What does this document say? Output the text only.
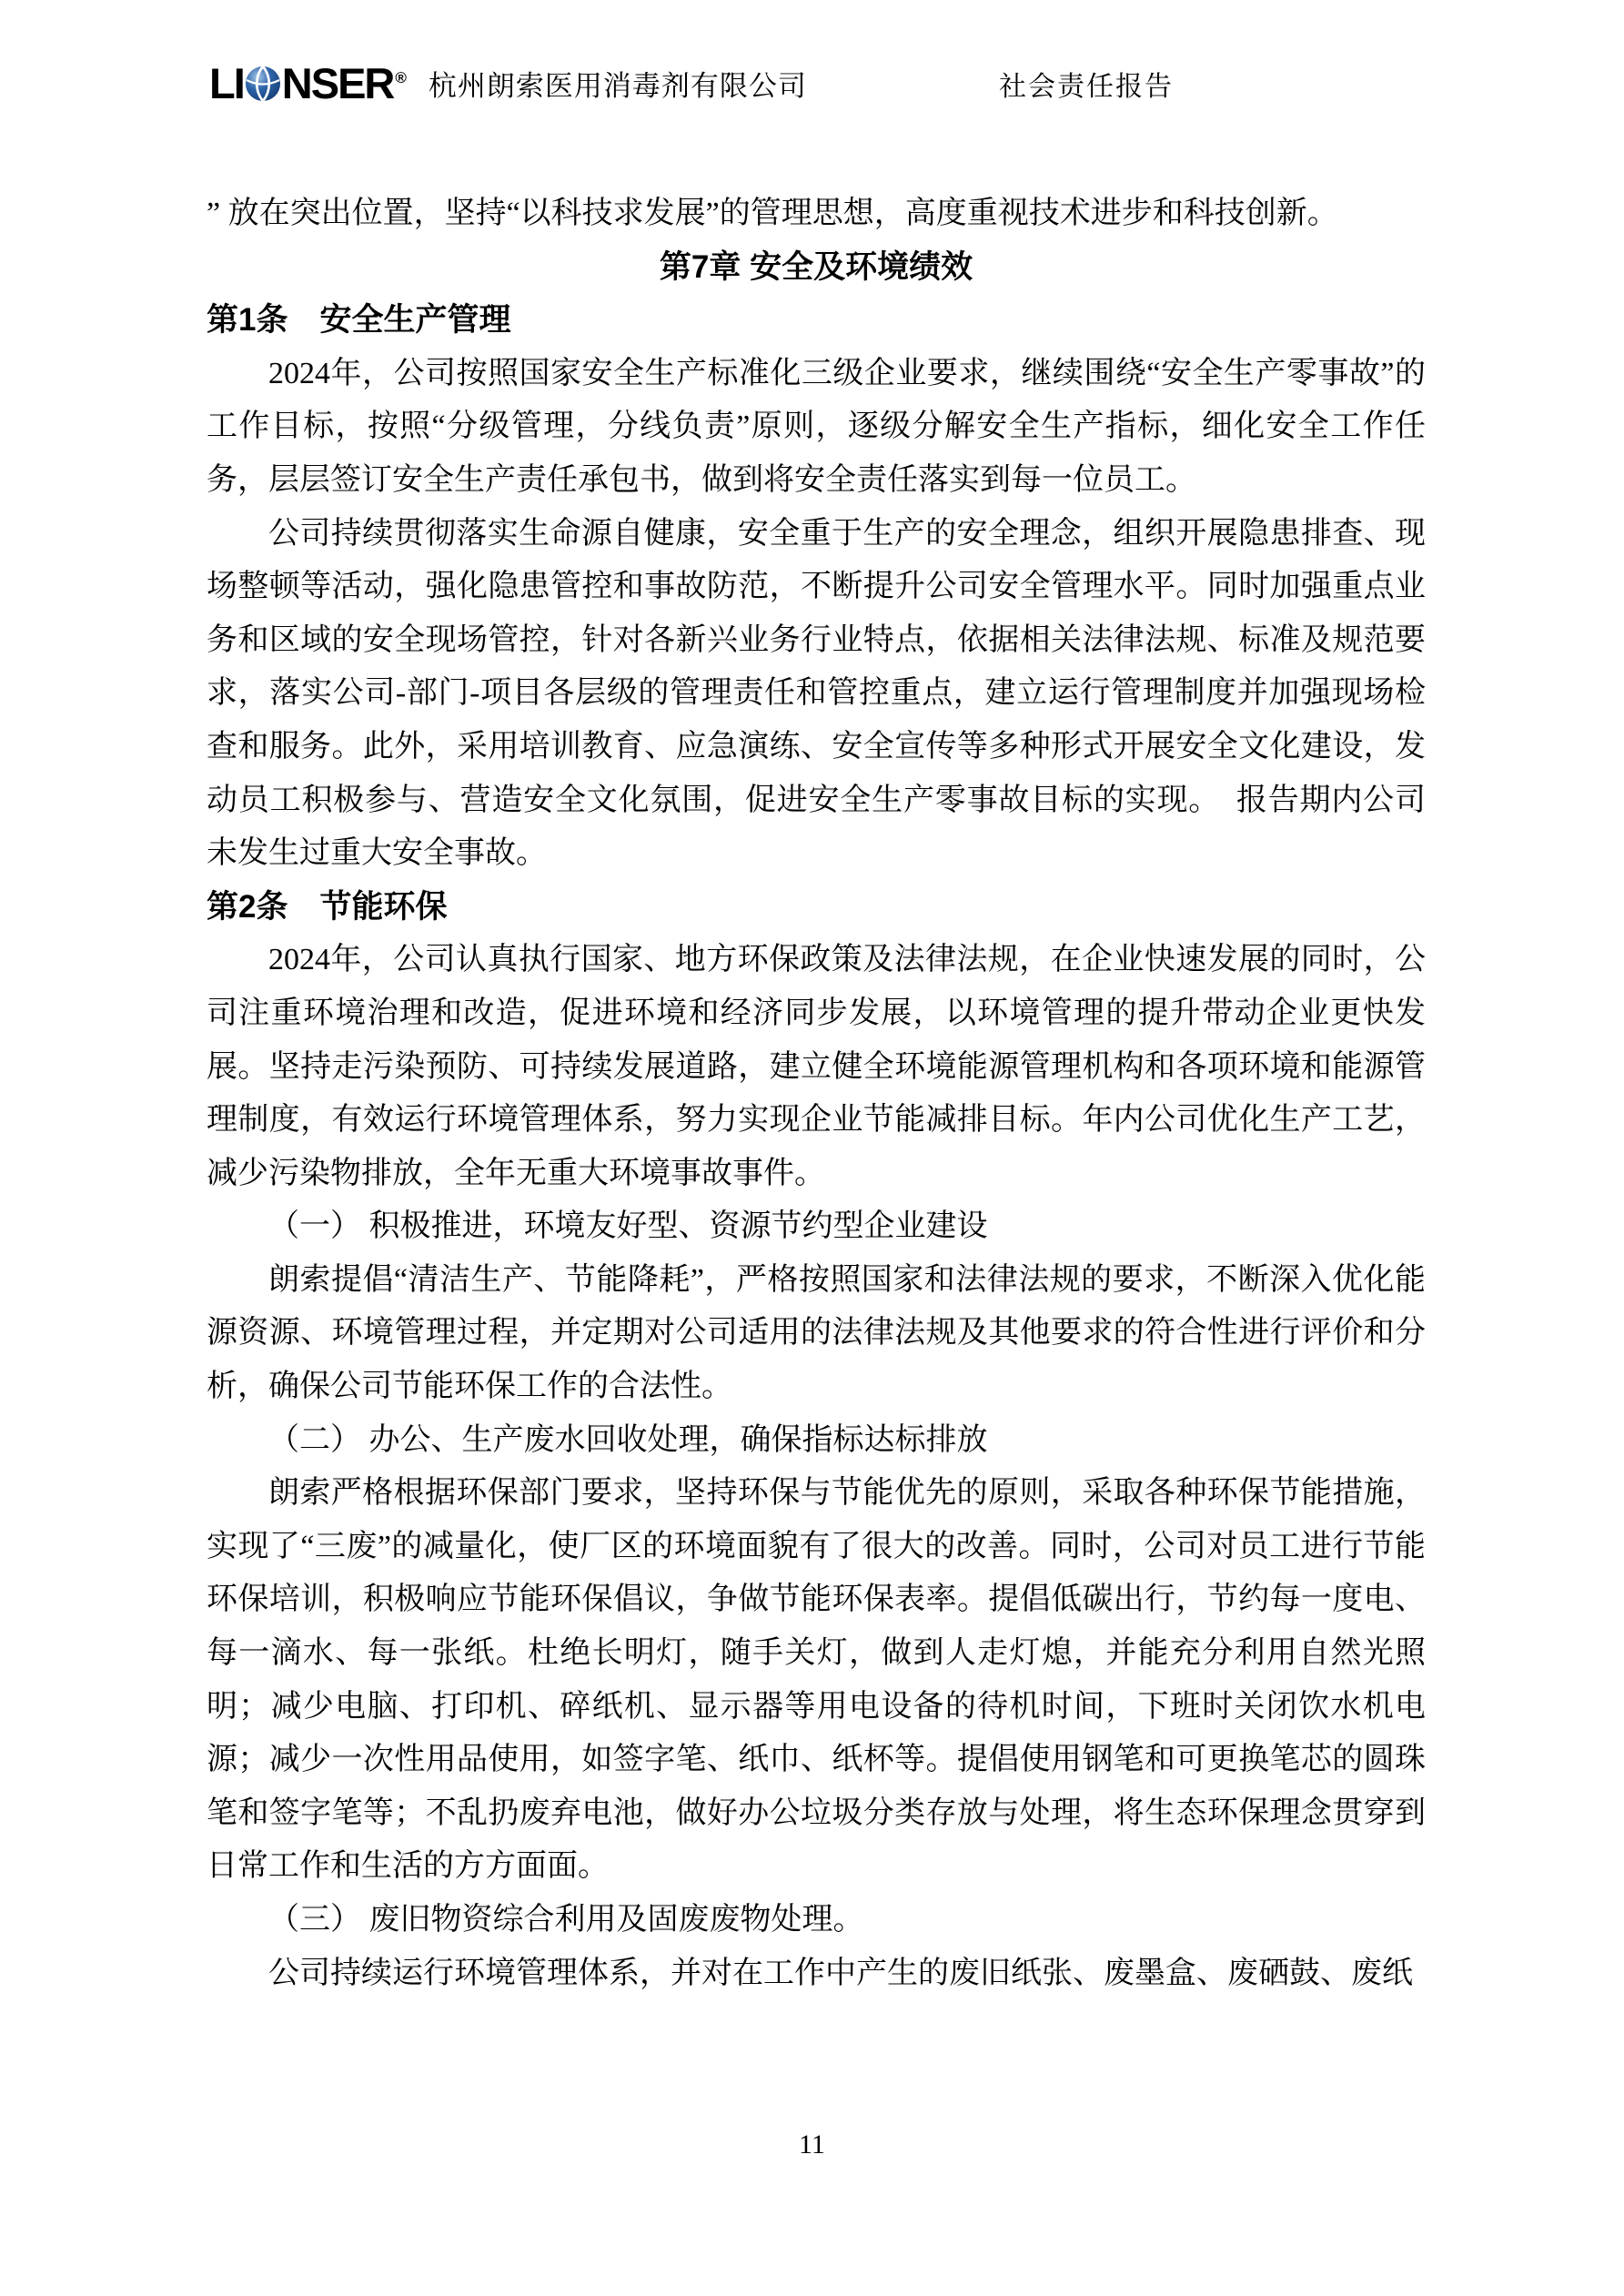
LI NSER® 杭州朗索医用消毒剂有限公司	社会责任报告
” 放在突出位置，坚持“以科技求发展”的管理思想，高度重视技术进步和科技创新。
第7章 安全及环境绩效
第1条　安全生产管理
2024年，公司按照国家安全生产标准化三级企业要求，继续围绕“安全生产零事故”的工作目标，按照“分级管理，分线负责”原则，逐级分解安全生产指标，细化安全工作任务，层层签订安全生产责任承包书，做到将安全责任落实到每一位员工。
公司持续贯彻落实生命源自健康，安全重于生产的安全理念，组织开展隐患排查、现场整顿等活动，强化隐患管控和事故防范，不断提升公司安全管理水平。同时加强重点业务和区域的安全现场管控，针对各新兴业务行业特点，依据相关法律法规、标准及规范要求，落实公司-部门-项目各层级的管理责任和管控重点，建立运行管理制度并加强现场检查和服务。此外，采用培训教育、应急演练、安全宣传等多种形式开展安全文化建设，发动员工积极参与、营造安全文化氛围，促进安全生产零事故目标的实现。　报告期内公司未发生过重大安全事故。
第2条　节能环保
2024年，公司认真执行国家、地方环保政策及法律法规，在企业快速发展的同时，公司注重环境治理和改造，促进环境和经济同步发展，以环境管理的提升带动企业更快发展。坚持走污染预防、可持续发展道路，建立健全环境能源管理机构和各项环境和能源管理制度，有效运行环境管理体系，努力实现企业节能减排目标。年内公司优化生产工艺，减少污染物排放，全年无重大环境事故事件。
（一） 积极推进，环境友好型、资源节约型企业建设
朗索提倡“清洁生产、节能降耗”，严格按照国家和法律法规的要求，不断深入优化能源资源、环境管理过程，并定期对公司适用的法律法规及其他要求的符合性进行评价和分析，确保公司节能环保工作的合法性。
（二） 办公、生产废水回收处理，确保指标达标排放
朗索严格根据环保部门要求，坚持环保与节能优先的原则，采取各种环保节能措施，实现了“三废”的减量化，使厂区的环境面貌有了很大的改善。同时，公司对员工进行节能环保培训，积极响应节能环保倡议，争做节能环保表率。提倡低碳出行，节约每一度电、每一滴水、每一张纸。杜绝长明灯，随手关灯，做到人走灯熄，并能充分利用自然光照明；减少电脑、打印机、碎纸机、显示器等用电设备的待机时间，下班时关闭饮水机电源；减少一次性用品使用，如签字笔、纸巾、纸杯等。提倡使用钢笔和可更换笔芯的圆珠笔和签字笔等；不乱扔废弃电池，做好办公垃圾分类存放与处理，将生态环保理念贯穿到日常工作和生活的方方面面。
（三） 废旧物资综合利用及固废废物处理。
公司持续运行环境管理体系，并对在工作中产生的废旧纸张、废墨盒、废硒鼓、废纸
11
